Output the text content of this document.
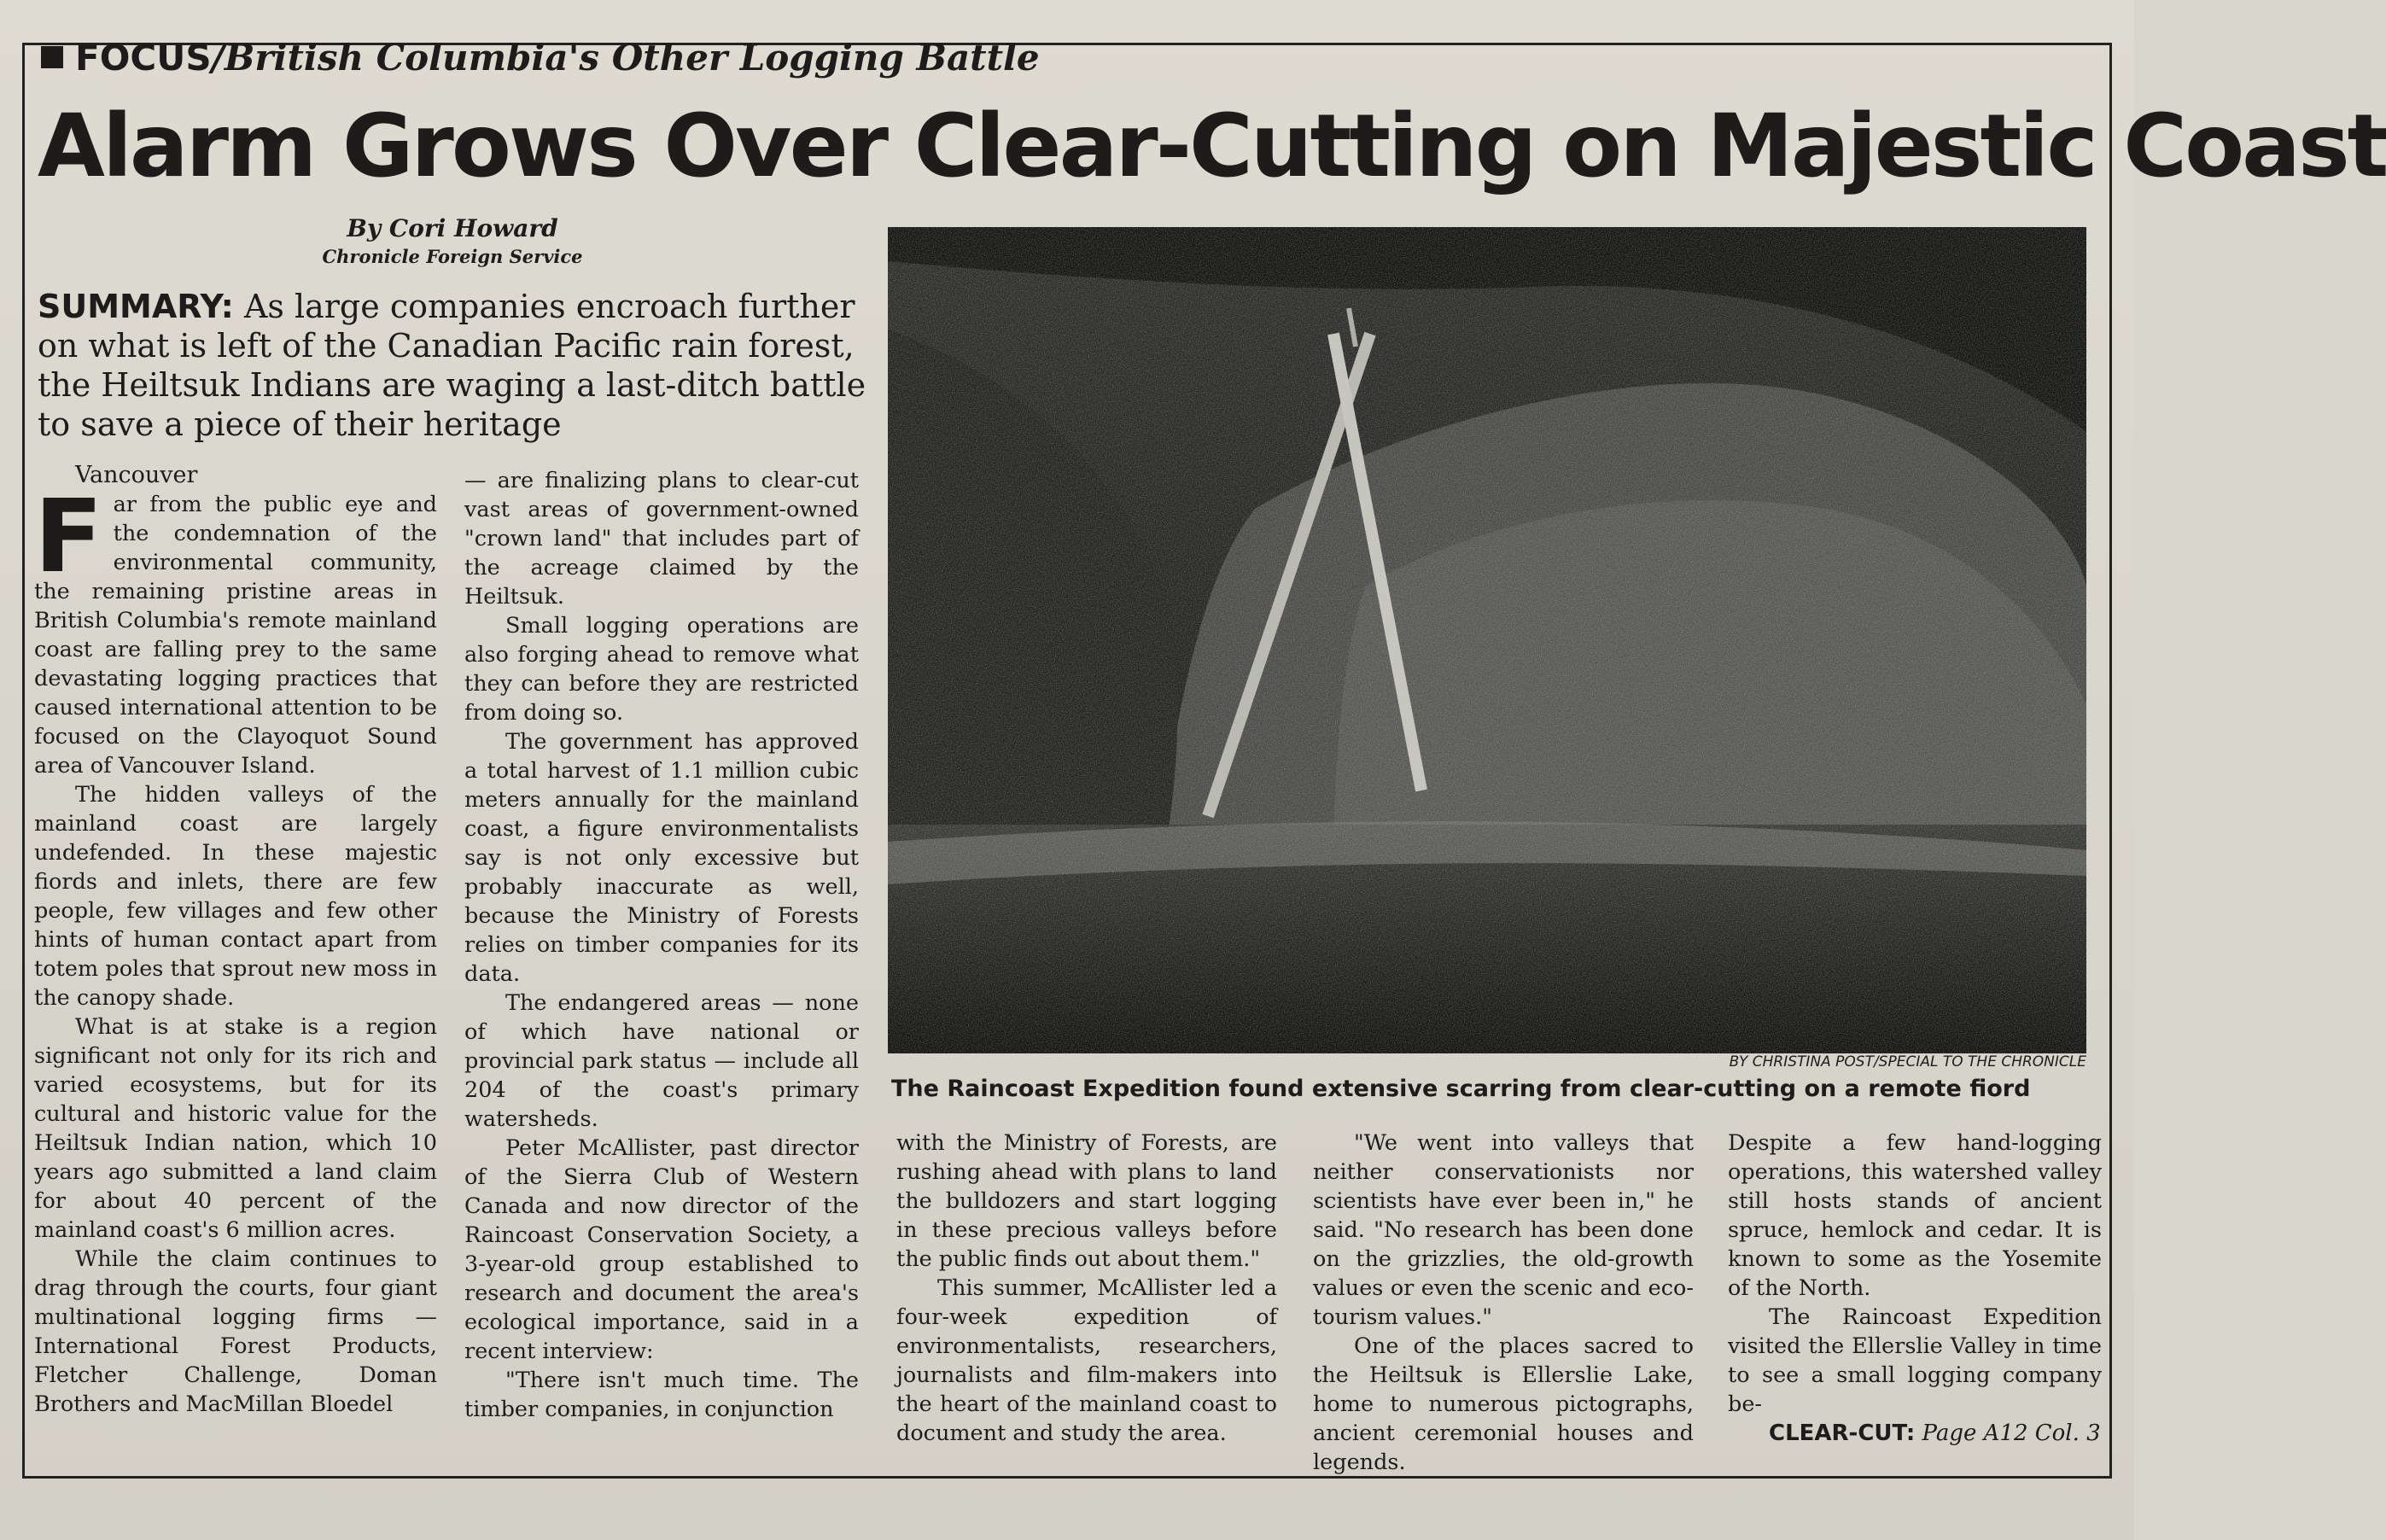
FOCUS/British Columbia's Other Logging Battle
Alarm Grows Over Clear-Cutting on Majestic Coast
By Cori Howard
Chronicle Foreign Service
SUMMARY: As large companies encroach further on what is left of the Canadian Pacific rain forest, the Heiltsuk Indians are waging a last-ditch battle to save a piece of their heritage

Vancouver

Far from the public eye and the condemnation of the environmental community, the remaining pristine areas in British Columbia's remote mainland coast are falling prey to the same devastating logging practices that caused international attention to be focused on the Clayoquot Sound area of Vancouver Island.

The hidden valleys of the mainland coast are largely undefended. In these majestic fiords and inlets, there are few people, few villages and few other hints of human contact apart from totem poles that sprout new moss in the canopy shade.

What is at stake is a region significant not only for its rich and varied ecosystems, but for its cultural and historic value for the Heiltsuk Indian nation, which 10 years ago submitted a land claim for about 40 percent of the mainland coast's 6 million acres.

While the claim continues to drag through the courts, four giant multinational logging firms — International Forest Products, Fletcher Challenge, Doman Brothers and MacMillan Bloedel

— are finalizing plans to clear-cut vast areas of government-owned "crown land" that includes part of the acreage claimed by the Heiltsuk.

Small logging operations are also forging ahead to remove what they can before they are restricted from doing so.

The government has approved a total harvest of 1.1 million cubic meters annually for the mainland coast, a figure environmentalists say is not only excessive but probably inaccurate as well, because the Ministry of Forests relies on timber companies for its data.

The endangered areas — none of which have national or provincial park status — include all 204 of the coast's primary watersheds.

Peter McAllister, past director of the Sierra Club of Western Canada and now director of the Raincoast Conservation Society, a 3-year-old group established to research and document the area's ecological importance, said in a recent interview:

"There isn't much time. The timber companies, in conjunction

BY CHRISTINA POST/SPECIAL TO THE CHRONICLE
The Raincoast Expedition found extensive scarring from clear-cutting on a remote fiord

with the Ministry of Forests, are rushing ahead with plans to land the bulldozers and start logging in these precious valleys before the public finds out about them."

This summer, McAllister led a four-week expedition of environmentalists, researchers, journalists and film-makers into the heart of the mainland coast to document and study the area.

"We went into valleys that neither conservationists nor scientists have ever been in," he said. "No research has been done on the grizzlies, the old-growth values or even the scenic and eco-tourism values."

One of the places sacred to the Heiltsuk is Ellerslie Lake, home to numerous pictographs, ancient ceremonial houses and legends.

Despite a few hand-logging operations, this watershed valley still hosts stands of ancient spruce, hemlock and cedar. It is known to some as the Yosemite of the North.

The Raincoast Expedition visited the Ellerslie Valley in time to see a small logging company be-

CLEAR-CUT: Page A12 Col. 3
